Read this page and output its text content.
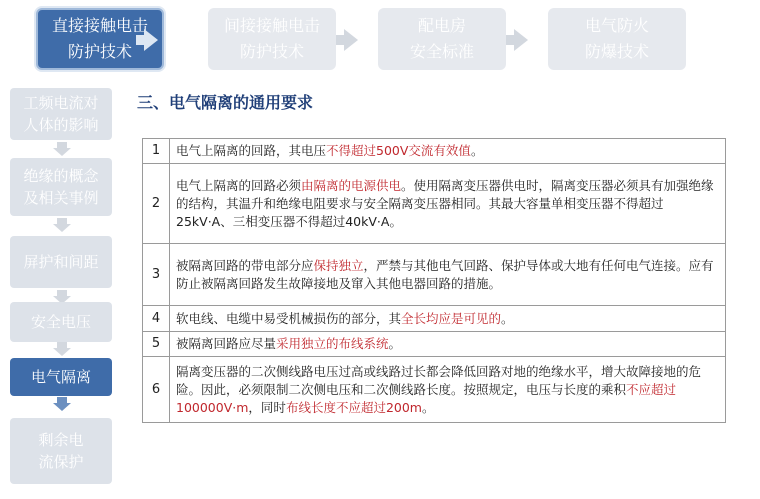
直接接触电击
防护技术
间接接触电击
防护技术
配电房
安全标准
电气防火
防爆技术
工频电流对
人体的影响
绝缘的概念
及相关事例
屏护和间距
安全电压
电气隔离
剩余电
流保护
三、电气隔离的通用要求
1	电气上隔离的回路，其电压不得超过500V交流有效值。
2	电气上隔离的回路必须由隔离的电源供电。使用隔离变压器供电时，隔离变压器必须具有加强绝缘的结构，其温升和绝缘电阻要求与安全隔离变压器相同。其最大容量单相变压器不得超过25kV·A、三相变压器不得超过40kV·A。
3	被隔离回路的带电部分应保持独立，严禁与其他电气回路、保护导体或大地有任何电气连接。应有防止被隔离回路发生故障接地及窜入其他电器回路的措施。
4	软电线、电缆中易受机械损伤的部分，其全长均应是可见的。
5	被隔离回路应尽量采用独立的布线系统。
6	隔离变压器的二次侧线路电压过高或线路过长都会降低回路对地的绝缘水平，增大故障接地的危险。因此，必须限制二次侧电压和二次侧线路长度。按照规定，电压与长度的乘积不应超过100000V·m，同时布线长度不应超过200m。
